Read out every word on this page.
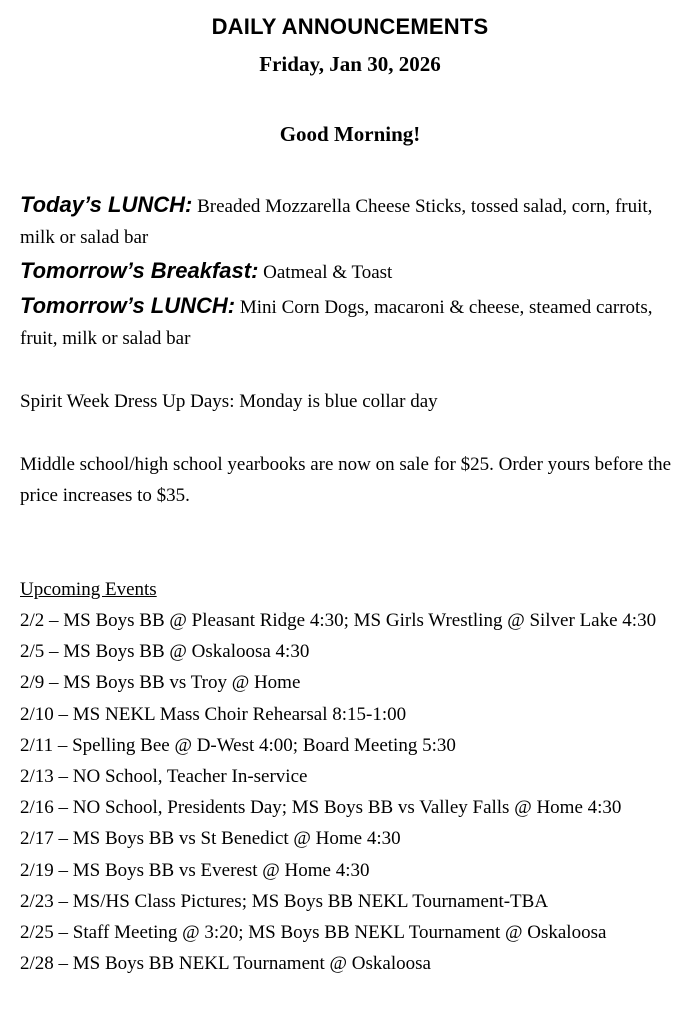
DAILY ANNOUNCEMENTS
Friday, Jan 30, 2026
Good Morning!
Today’s LUNCH: Breaded Mozzarella Cheese Sticks, tossed salad, corn, fruit, milk or salad bar
Tomorrow’s Breakfast: Oatmeal & Toast
Tomorrow’s LUNCH: Mini Corn Dogs, macaroni & cheese, steamed carrots, fruit, milk or salad bar
Spirit Week Dress Up Days: Monday is blue collar day
Middle school/high school yearbooks are now on sale for $25. Order yours before the price increases to $35.
Upcoming Events
2/2 – MS Boys BB @ Pleasant Ridge 4:30; MS Girls Wrestling @ Silver Lake 4:30
2/5 – MS Boys BB @ Oskaloosa 4:30
2/9 – MS Boys BB vs Troy @ Home
2/10 – MS NEKL Mass Choir Rehearsal 8:15-1:00
2/11 – Spelling Bee @ D-West 4:00; Board Meeting 5:30
2/13 – NO School, Teacher In-service
2/16 – NO School, Presidents Day; MS Boys BB vs Valley Falls @ Home 4:30
2/17 – MS Boys BB vs St Benedict @ Home 4:30
2/19 – MS Boys BB vs Everest @ Home 4:30
2/23 – MS/HS Class Pictures; MS Boys BB NEKL Tournament-TBA
2/25 – Staff Meeting @ 3:20; MS Boys BB NEKL Tournament @ Oskaloosa
2/28 – MS Boys BB NEKL Tournament @ Oskaloosa
